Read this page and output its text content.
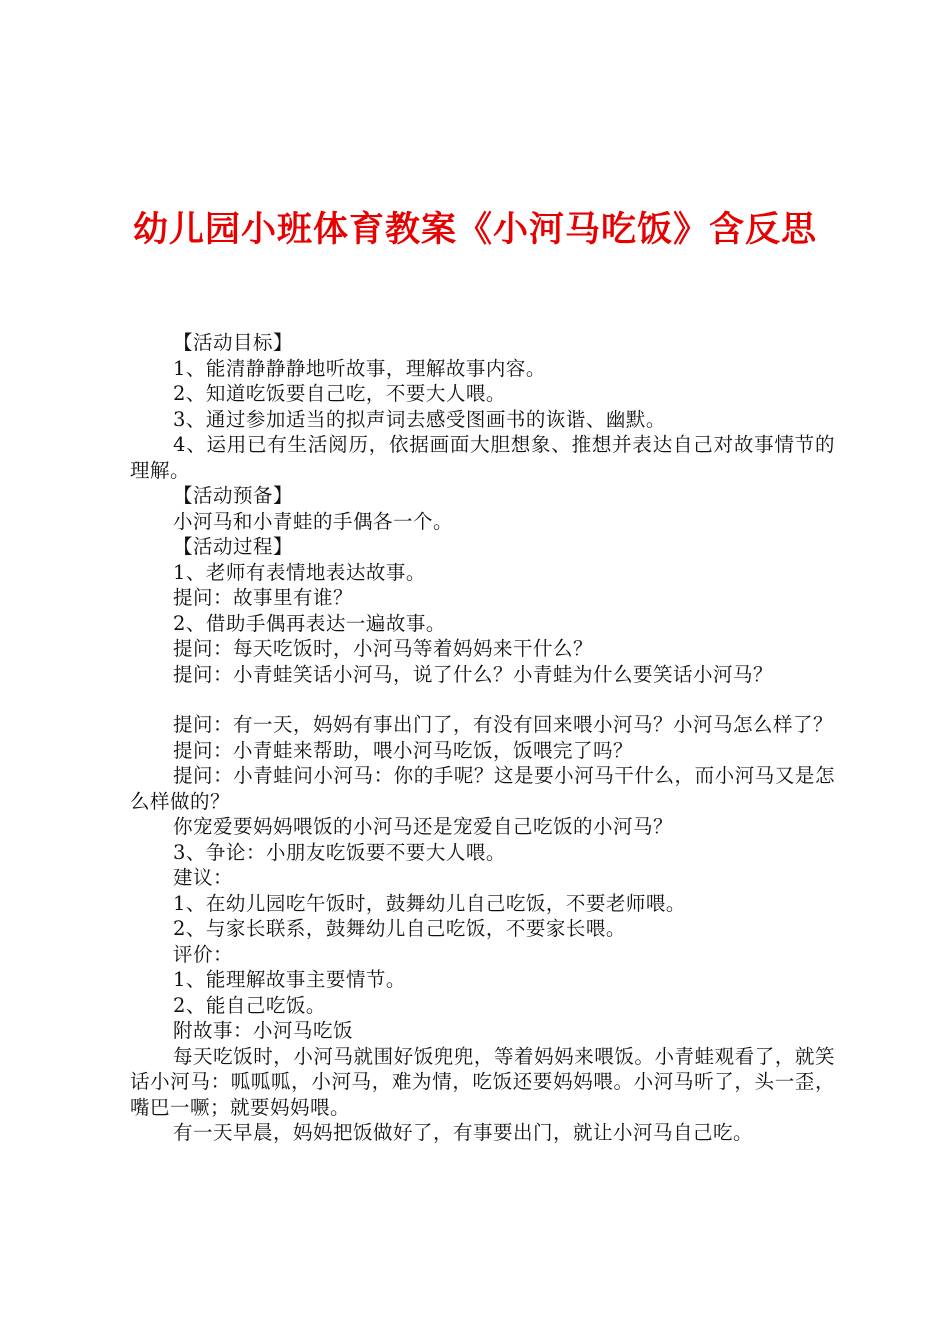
幼儿园小班体育教案《小河马吃饭》含反思

【活动目标】

1、能清静静静地听故事，理解故事内容。

2、知道吃饭要自己吃，不要大人喂。

3、通过参加适当的拟声词去感受图画书的诙谐、幽默。

4、运用已有生活阅历，依据画面大胆想象、推想并表达自己对故事情节的理解。

【活动预备】

小河马和小青蛙的手偶各一个。

【活动过程】

1、老师有表情地表达故事。

提问：故事里有谁？

2、借助手偶再表达一遍故事。

提问：每天吃饭时，小河马等着妈妈来干什么？

提问：小青蛙笑话小河马，说了什么？小青蛙为什么要笑话小河马？

提问：有一天，妈妈有事出门了，有没有回来喂小河马？小河马怎么样了？

提问：小青蛙来帮助，喂小河马吃饭，饭喂完了吗？

提问：小青蛙问小河马：你的手呢？这是要小河马干什么，而小河马又是怎么样做的？

你宠爱要妈妈喂饭的小河马还是宠爱自己吃饭的小河马？

3、争论：小朋友吃饭要不要大人喂。

建议：

1、在幼儿园吃午饭时，鼓舞幼儿自己吃饭，不要老师喂。

2、与家长联系，鼓舞幼儿自己吃饭，不要家长喂。

评价：

1、能理解故事主要情节。

2、能自己吃饭。

附故事：小河马吃饭

每天吃饭时，小河马就围好饭兜兜，等着妈妈来喂饭。小青蛙观看了，就笑话小河马：呱呱呱，小河马，难为情，吃饭还要妈妈喂。小河马听了，头一歪，嘴巴一噘；就要妈妈喂。

有一天早晨，妈妈把饭做好了，有事要出门，就让小河马自己吃。
